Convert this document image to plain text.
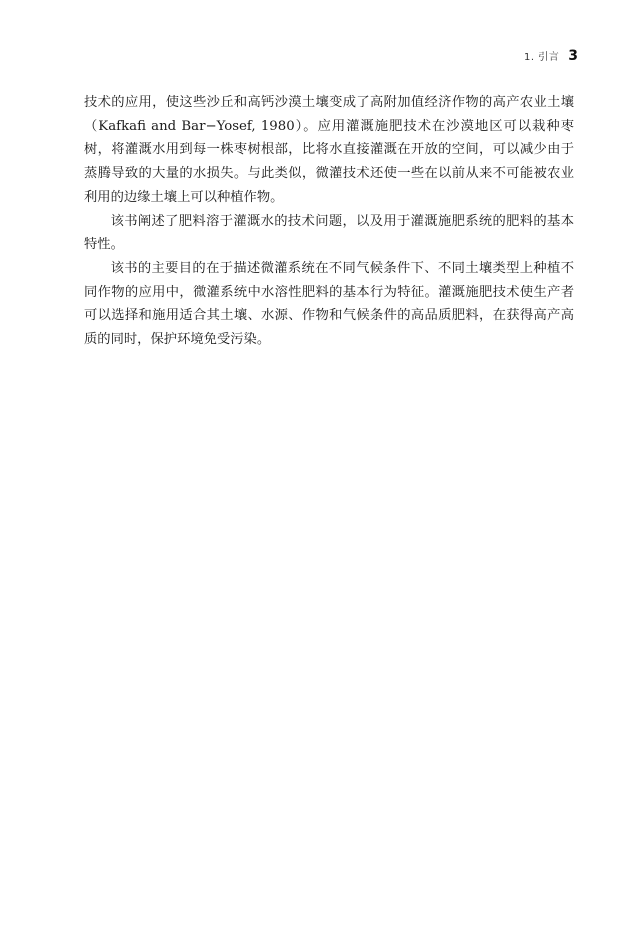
1. 引言 3

技术的应用，使这些沙丘和高钙沙漠土壤变成了高附加值经济作物的高产农业土壤（Kafkafi and Bar−Yosef, 1980）。应用灌溉施肥技术在沙漠地区可以栽种枣树，将灌溉水用到每一株枣树根部，比将水直接灌溉在开放的空间，可以减少由于蒸腾导致的大量的水损失。与此类似，微灌技术还使一些在以前从来不可能被农业利用的边缘土壤上可以种植作物。

该书阐述了肥料溶于灌溉水的技术问题，以及用于灌溉施肥系统的肥料的基本特性。

该书的主要目的在于描述微灌系统在不同气候条件下、不同土壤类型上种植不同作物的应用中，微灌系统中水溶性肥料的基本行为特征。灌溉施肥技术使生产者可以选择和施用适合其土壤、水源、作物和气候条件的高品质肥料，在获得高产高质的同时，保护环境免受污染。
